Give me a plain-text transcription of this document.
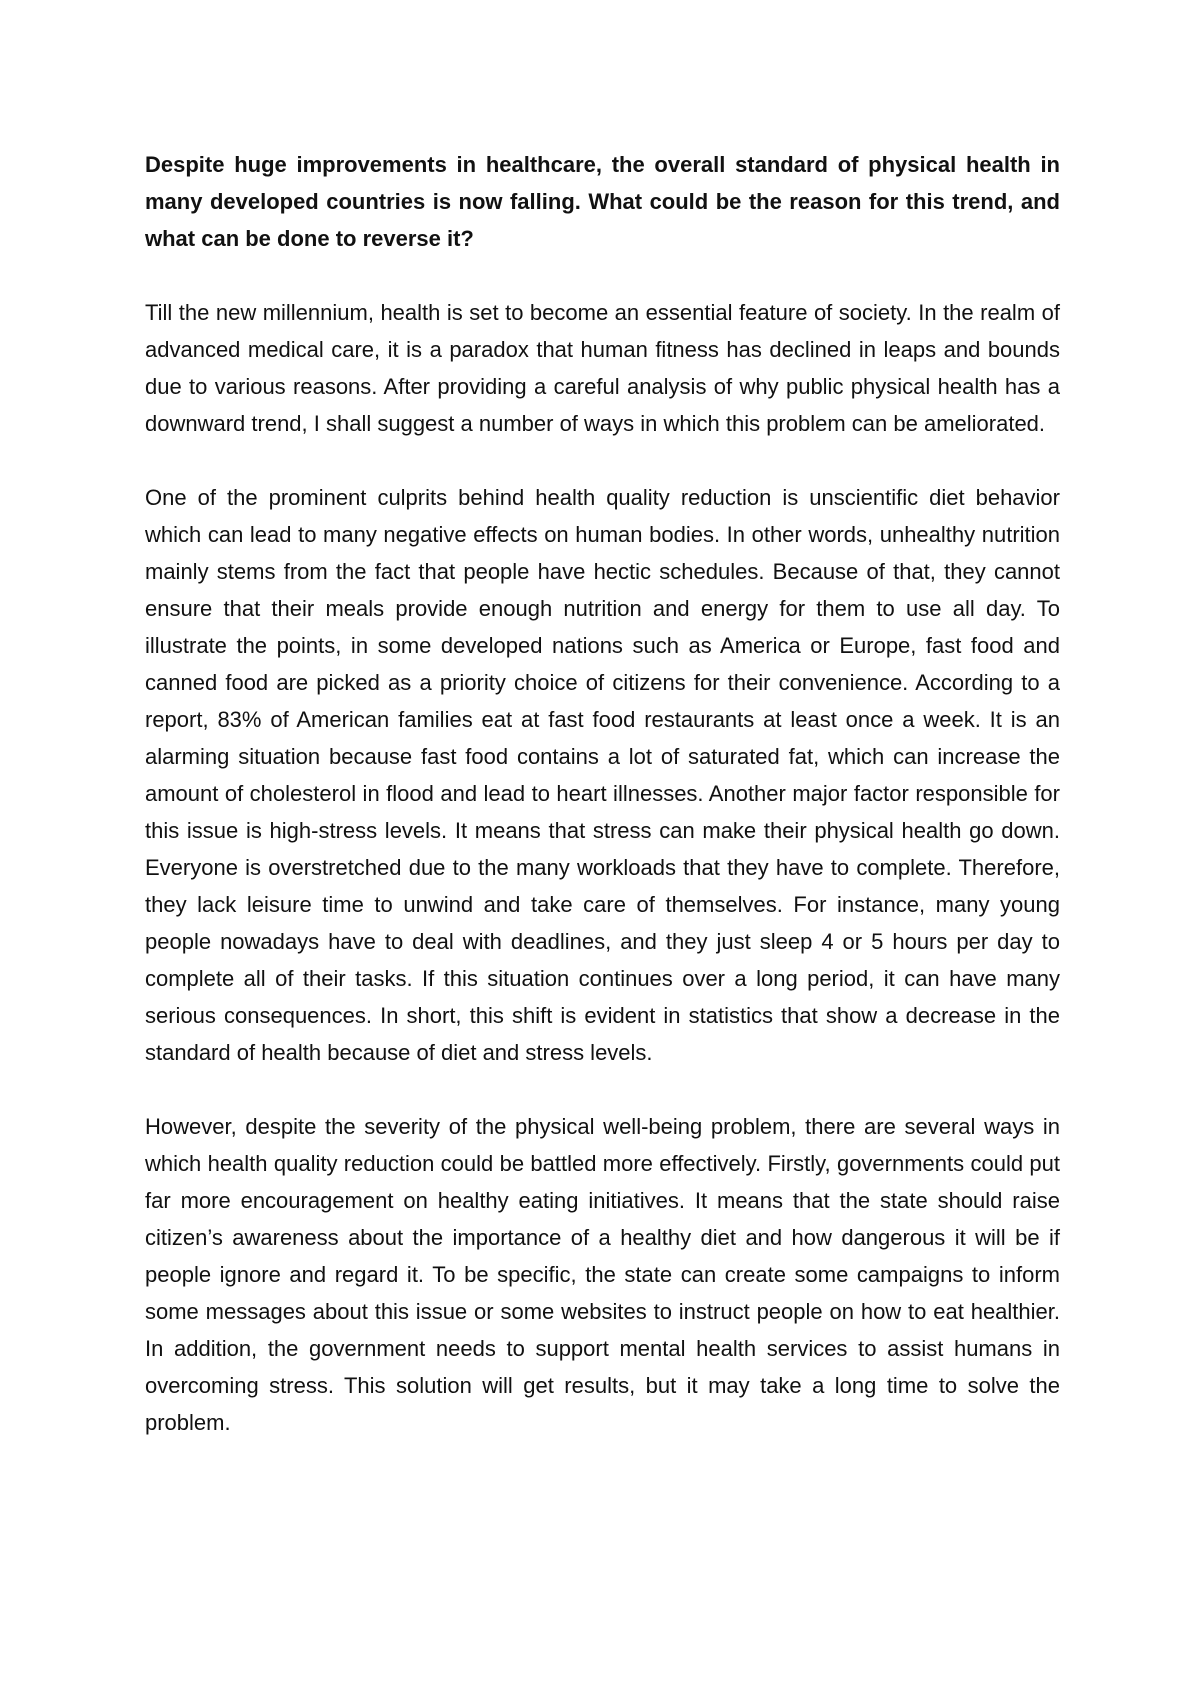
Despite huge improvements in healthcare, the overall standard of physical health in many developed countries is now falling. What could be the reason for this trend, and what can be done to reverse it?

Till the new millennium, health is set to become an essential feature of society. In the realm of advanced medical care, it is a paradox that human fitness has declined in leaps and bounds due to various reasons. After providing a careful analysis of why public physical health has a downward trend, I shall suggest a number of ways in which this problem can be ameliorated.

One of the prominent culprits behind health quality reduction is unscientific diet behavior which can lead to many negative effects on human bodies. In other words, unhealthy nutrition mainly stems from the fact that people have hectic schedules. Because of that, they cannot ensure that their meals provide enough nutrition and energy for them to use all day. To illustrate the points, in some developed nations such as America or Europe, fast food and canned food are picked as a priority choice of citizens for their convenience. According to a report, 83% of American families eat at fast food restaurants at least once a week. It is an alarming situation because fast food contains a lot of saturated fat, which can increase the amount of cholesterol in flood and lead to heart illnesses. Another major factor responsible for this issue is high-stress levels. It means that stress can make their physical health go down. Everyone is overstretched due to the many workloads that they have to complete. Therefore, they lack leisure time to unwind and take care of themselves. For instance, many young people nowadays have to deal with deadlines, and they just sleep 4 or 5 hours per day to complete all of their tasks. If this situation continues over a long period, it can have many serious consequences. In short, this shift is evident in statistics that show a decrease in the standard of health because of diet and stress levels.

However, despite the severity of the physical well-being problem, there are several ways in which health quality reduction could be battled more effectively. Firstly, governments could put far more encouragement on healthy eating initiatives. It means that the state should raise citizen’s awareness about the importance of a healthy diet and how dangerous it will be if people ignore and regard it. To be specific, the state can create some campaigns to inform some messages about this issue or some websites to instruct people on how to eat healthier. In addition, the government needs to support mental health services to assist humans in overcoming stress. This solution will get results, but it may take a long time to solve the problem.
